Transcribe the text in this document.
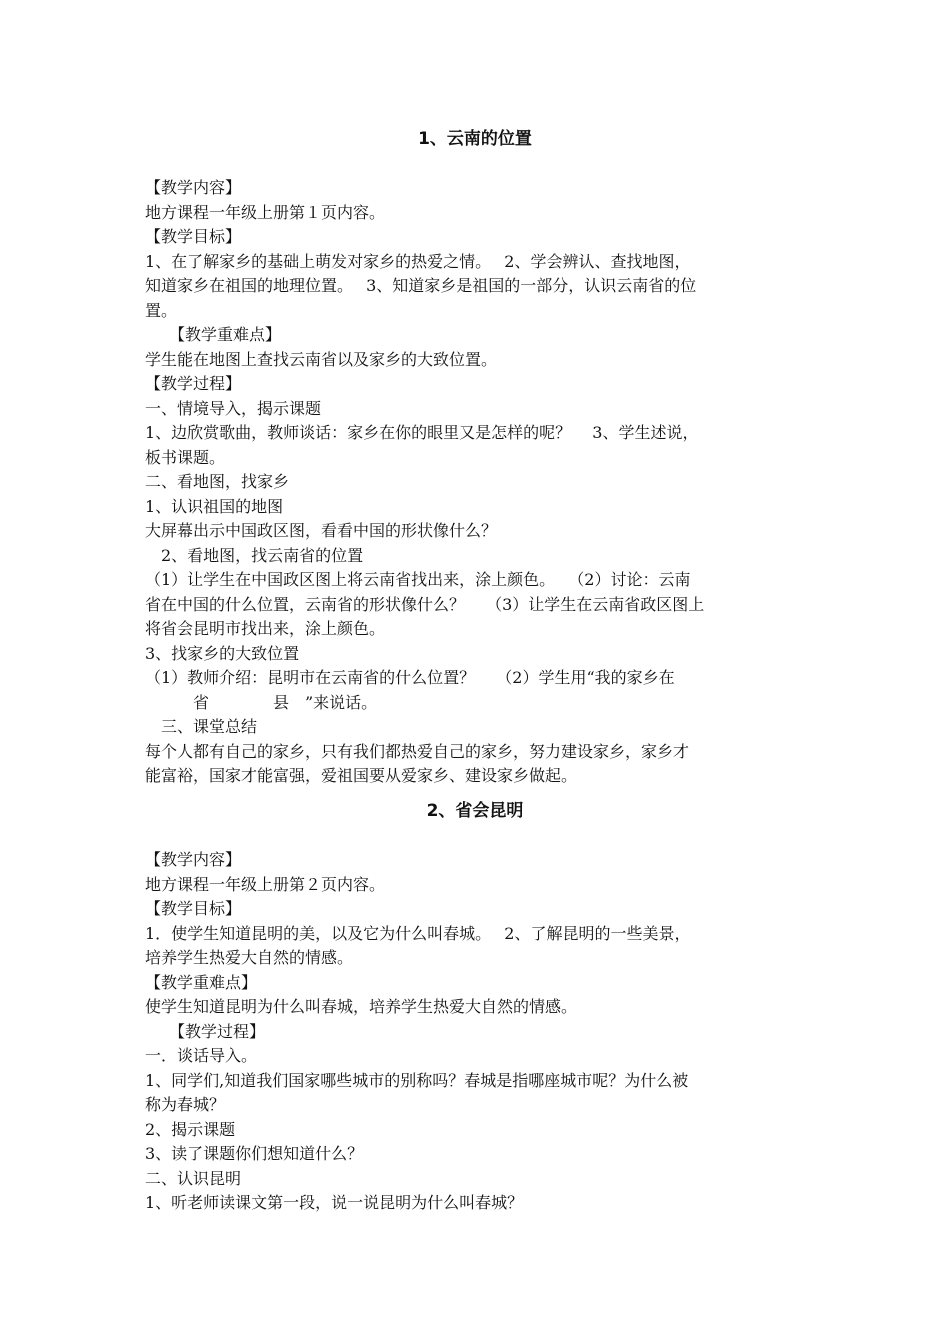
1、云南的位置

【教学内容】

地方课程一年级上册第１页内容。

【教学目标】

1、在了解家乡的基础上萌发对家乡的热爱之情。　 2、学会辨认、查找地图，

知道家乡在祖国的地理位置。　 3、知道家乡是祖国的一部分，认识云南省的位

置。

【教学重难点】

学生能在地图上查找云南省以及家乡的大致位置。

【教学过程】

一、情境导入，揭示课题

1、边欣赏歌曲，教师谈话：家乡在你的眼里又是怎样的呢？　 3、学生述说，

板书课题。

二、看地图，找家乡

1、认识祖国的地图

大屏幕出示中国政区图，看看中国的形状像什么？

2、看地图，找云南省的位置

（1）让学生在中国政区图上将云南省找出来，涂上颜色。　 （2）讨论：云南

省在中国的什么位置，云南省的形状像什么？　 （3）让学生在云南省政区图上

将省会昆明市找出来，涂上颜色。

3、找家乡的大致位置

（1）教师介绍：昆明市在云南省的什么位置？　 （2）学生用“我的家乡在

　　　省　　　　县　”来说话。

三、课堂总结

每个人都有自己的家乡，只有我们都热爱自己的家乡，努力建设家乡，家乡才

能富裕，国家才能富强，爱祖国要从爱家乡、建设家乡做起。

2、省会昆明

【教学内容】

地方课程一年级上册第２页内容。

【教学目标】

1．使学生知道昆明的美，以及它为什么叫春城。　 2、了解昆明的一些美景，

培养学生热爱大自然的情感。

【教学重难点】

使学生知道昆明为什么叫春城，培养学生热爱大自然的情感。

【教学过程】

一．谈话导入。

1、同学们,知道我们国家哪些城市的别称吗？春城是指哪座城市呢？为什么被

称为春城？

2、揭示课题

3、读了课题你们想知道什么？

二、认识昆明

1、听老师读课文第一段，说一说昆明为什么叫春城？
